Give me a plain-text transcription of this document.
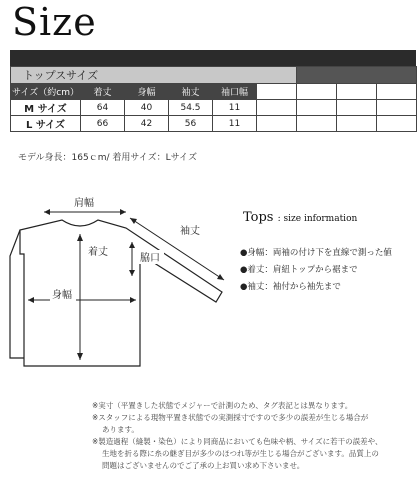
Size
トップスサイズ								
サイズ（約cm）	着丈	身幅	袖丈	袖口幅				
M サイズ	64	40	54.5	11				
L サイズ	66	42	56	11				
モデル身長：165ｃm/ 着用サイズ：Lサイズ
肩幅
袖丈
着丈
脇口
身幅
Tops : size information
●身幅：両袖の付け下を直線で測った値
●着丈：肩紐トップから裾まで
●袖丈：袖付から袖先まで

※実寸（平置きした状態でメジャーで計測のため、タグ表記とは異なります。

※スタッフによる現物平置き状態での実測採寸ですので多少の誤差が生じる場合が

あります。

※製造過程（縫製・染色）により同商品においても色味や柄、サイズに若干の誤差や、

生地を折る際に糸の継ぎ目が多少のほつれ等が生じる場合がございます。品質上の

問題はございませんのでご了承の上お買い求め下さいませ。
